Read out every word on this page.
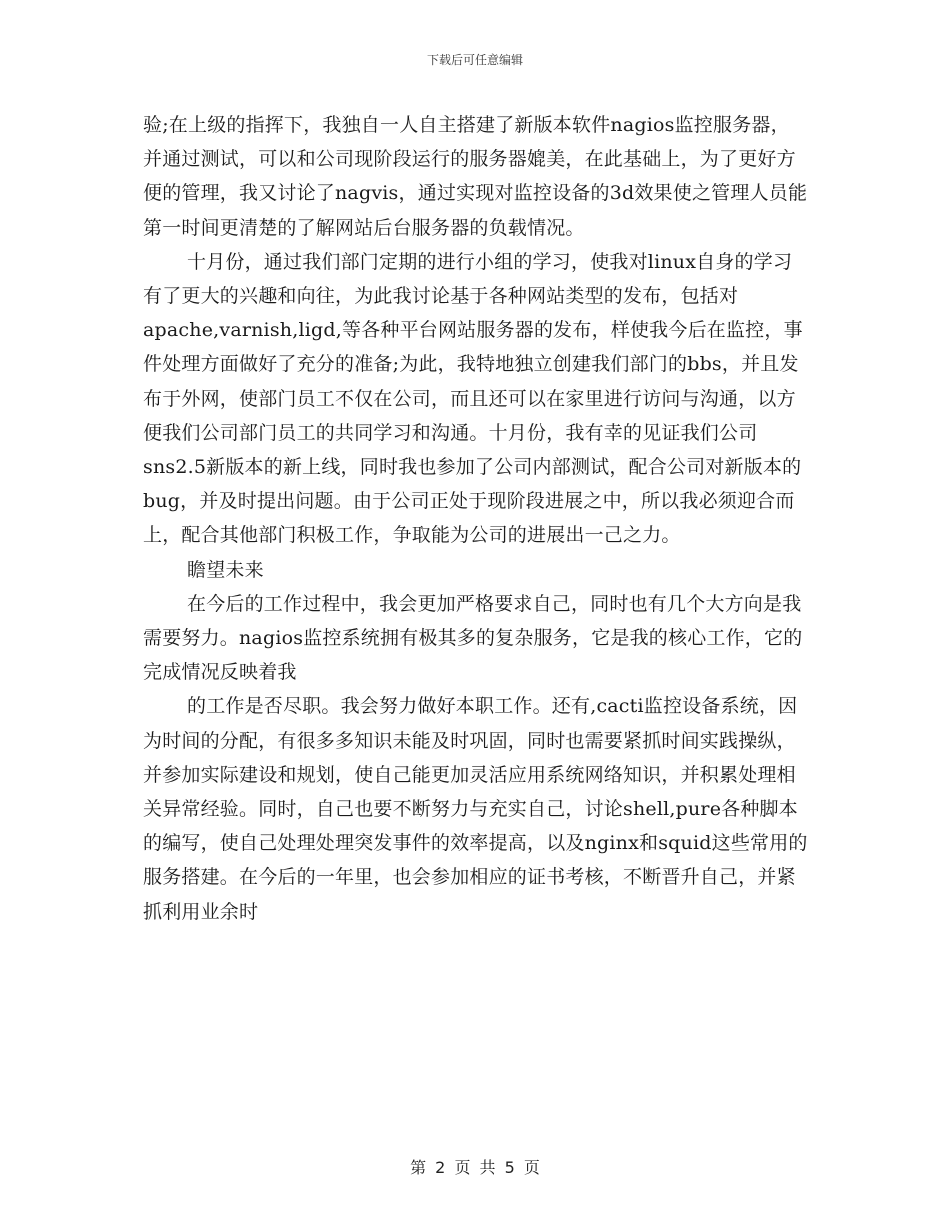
下载后可任意编辑

验;在上级的指挥下，我独自一人自主搭建了新版本软件nagios监控服务器，并通过测试，可以和公司现阶段运行的服务器媲美，在此基础上，为了更好方便的管理，我又讨论了nagvis，通过实现对监控设备的3d效果使之管理人员能第一时间更清楚的了解网站后台服务器的负载情况。

十月份，通过我们部门定期的进行小组的学习，使我对linux自身的学习有了更大的兴趣和向往，为此我讨论基于各种网站类型的发布，包括对apache,varnish,ligd,等各种平台网站服务器的发布，样使我今后在监控，事件处理方面做好了充分的准备;为此，我特地独立创建我们部门的bbs，并且发布于外网，使部门员工不仅在公司，而且还可以在家里进行访问与沟通，以方便我们公司部门员工的共同学习和沟通。十月份，我有幸的见证我们公司sns2.5新版本的新上线，同时我也参加了公司内部测试，配合公司对新版本的bug，并及时提出问题。由于公司正处于现阶段进展之中，所以我必须迎合而上，配合其他部门积极工作，争取能为公司的进展出一己之力。

瞻望未来

在今后的工作过程中，我会更加严格要求自己，同时也有几个大方向是我需要努力。nagios监控系统拥有极其多的复杂服务，它是我的核心工作，它的完成情况反映着我

的工作是否尽职。我会努力做好本职工作。还有,cacti监控设备系统，因为时间的分配，有很多多知识未能及时巩固，同时也需要紧抓时间实践操纵，并参加实际建设和规划，使自己能更加灵活应用系统网络知识，并积累处理相关异常经验。同时，自己也要不断努力与充实自己，讨论shell,pure各种脚本的编写，使自己处理处理突发事件的效率提高，以及nginx和squid这些常用的服务搭建。在今后的一年里，也会参加相应的证书考核，不断晋升自己，并紧抓利用业余时

第 2 页 共 5 页
